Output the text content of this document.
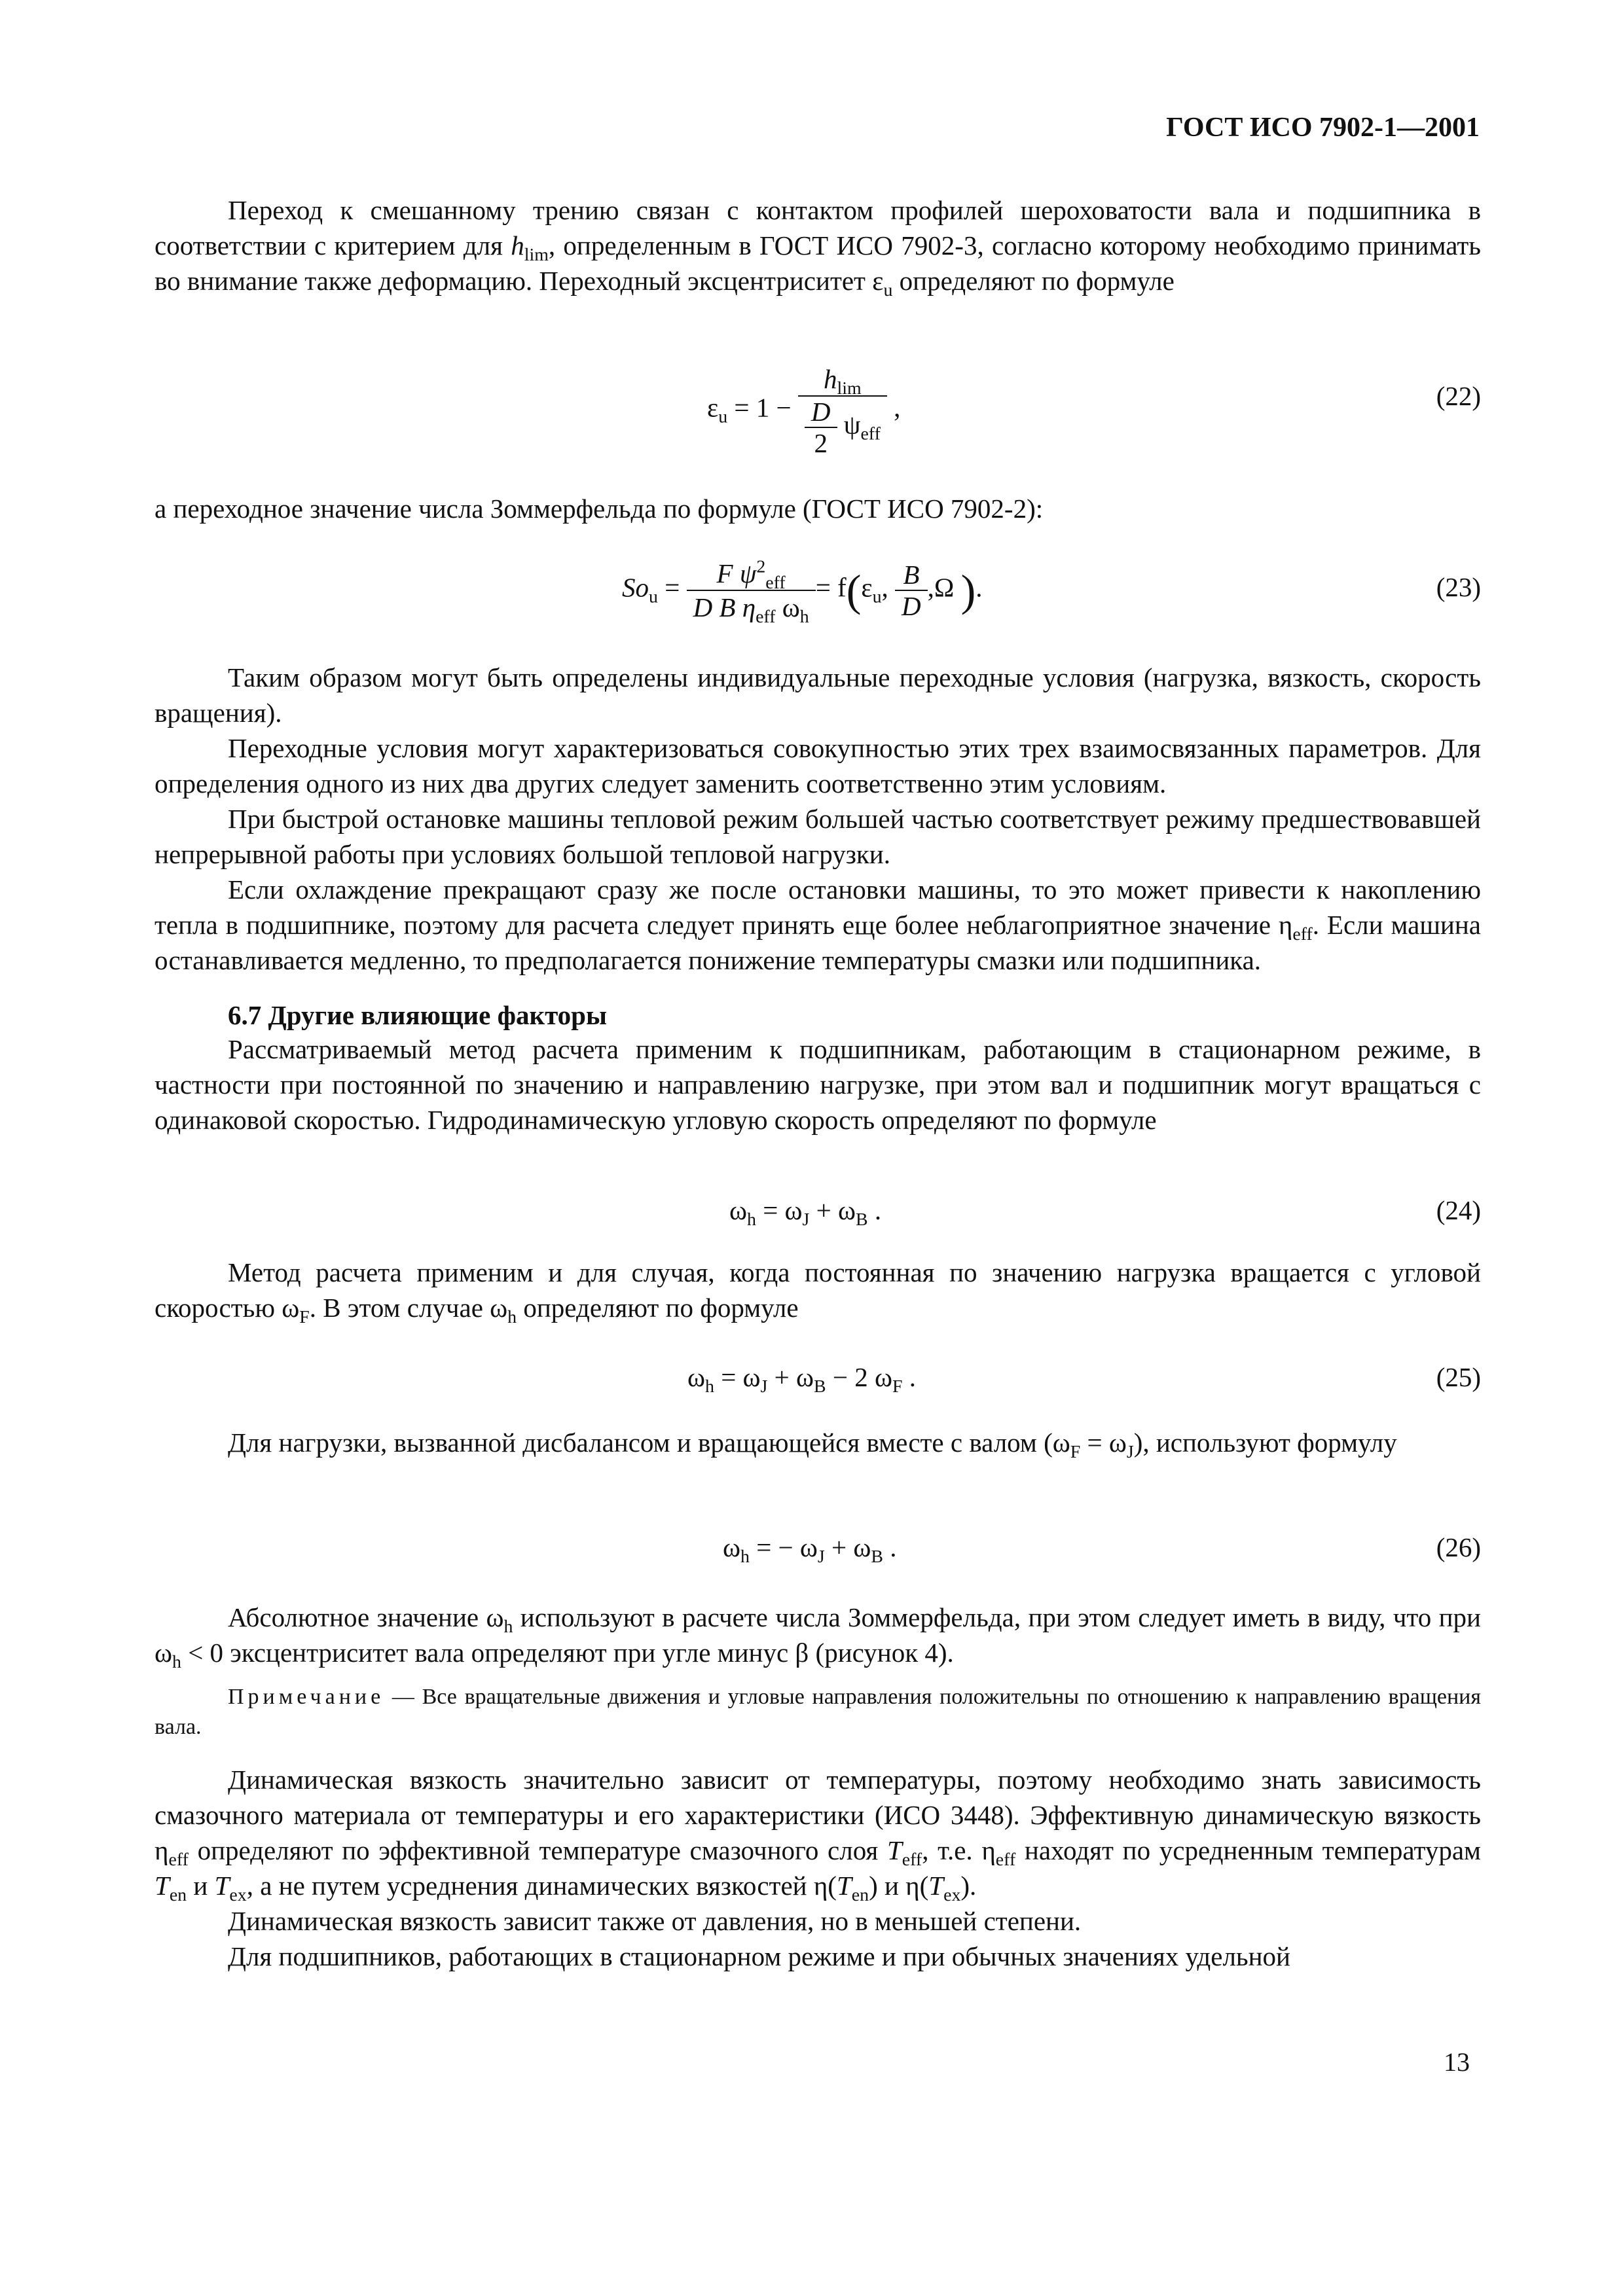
ГОСТ ИСО 7902-1—2001

Переход к смешанному трению связан с контактом профилей шероховатости вала и подшипника в соответствии с критерием для $h_{lim}$, определенным в ГОСТ ИСО 7902-3, согласно которому необходимо принимать во внимание также деформацию. Переходный эксцентриситет $\varepsilon_u$ определяют по формуле

$\varepsilon_u = 1 - \frac{h_{lim}}{\frac{D}{2} \psi_{eff}}$ ,	(22)

а переходное значение числа Зоммерфельда по формуле (ГОСТ ИСО 7902-2):

$So_u = \frac{F \psi^2_{eff}}{D B \eta_{eff} \omega_h} = f(\varepsilon_u$, $\frac{B}{D} ,\Omega$ ).	(23)

Таким образом могут быть определены индивидуальные переходные условия (нагрузка, вязкость, скорость вращения).

Переходные условия могут характеризоваться совокупностью этих трех взаимосвязанных параметров. Для определения одного из них два других следует заменить соответственно этим условиям.

При быстрой остановке машины тепловой режим большей частью соответствует режиму предшествовавшей непрерывной работы при условиях большой тепловой нагрузки.

Если охлаждение прекращают сразу же после остановки машины, то это может привести к накоплению тепла в подшипнике, поэтому для расчета следует принять еще более неблагоприятное значение $\eta_{eff}$. Если машина останавливается медленно, то предполагается понижение температуры смазки или подшипника.

6.7 Другие влияющие факторы

Рассматриваемый метод расчета применим к подшипникам, работающим в стационарном режиме, в частности при постоянной по значению и направлению нагрузке, при этом вал и подшипник могут вращаться с одинаковой скоростью. Гидродинамическую угловую скорость определяют по формуле

$\omega_h = \omega_J + \omega_B$ .	(24)

Метод расчета применим и для случая, когда постоянная по значению нагрузка вращается с угловой скоростью $\omega_F$. В этом случае $\omega_h$ определяют по формуле

$\omega_h = \omega_J + \omega_B - 2$ $\omega_F$ .	(25)

Для нагрузки, вызванной дисбалансом и вращающейся вместе с валом $(\omega_F = \omega_J)$, используют формулу

$\omega_h$ = − $\omega_J + \omega_B$ .	(26)

Абсолютное значение $\omega_h$ используют в расчете числа Зоммерфельда, при этом следует иметь в виду, что при $\omega_h < 0$ эксцентриситет вала определяют при угле минус β (рисунок 4).

Примечание — Все вращательные движения и угловые направления положительны по отношению к направлению вращения вала.

Динамическая вязкость значительно зависит от температуры, поэтому необходимо знать зависимость смазочного материала от температуры и его характеристики (ИСО 3448). Эффективную динамическую вязкость $\eta_{eff}$ определяют по эффективной температуре смазочного слоя $T_{eff}$, т.е. $\eta_{eff}$ находят по усредненным температурам $T_{en}$ и $T_{ex}$, а не путем усреднения динамических вязкостей $\eta(T_{en})$ и $\eta(T_{ex})$.

Динамическая вязкость зависит также от давления, но в меньшей степени.

Для подшипников, работающих в стационарном режиме и при обычных значениях удельной

13
